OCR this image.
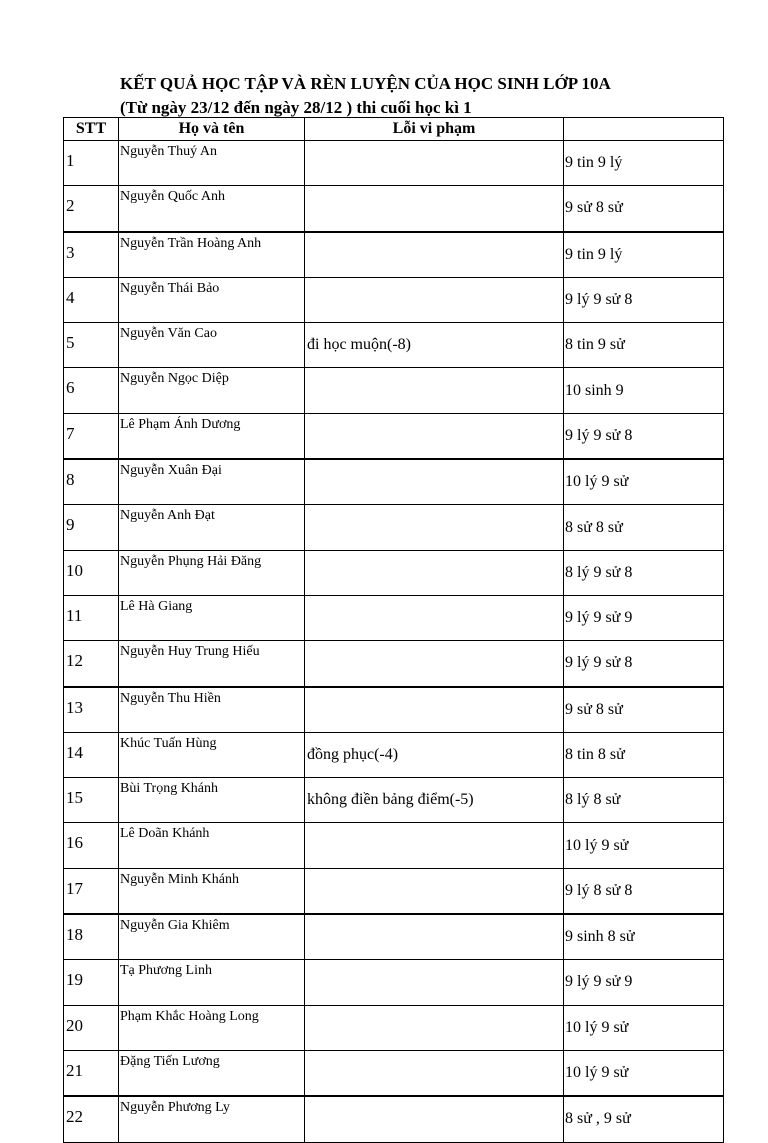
KẾT QUẢ HỌC TẬP VÀ RÈN LUYỆN CỦA HỌC SINH LỚP 10A
(Từ ngày 23/12 đến ngày 28/12 ) thi cuối học kì 1
STT	Họ và tên	Lỗi vi phạm	
1	Nguyễn Thuý An		9 tin 9 lý
2	Nguyễn Quốc Anh		9 sử 8 sử
3	Nguyễn Trần Hoàng Anh		9 tin 9 lý
4	Nguyễn Thái Bảo		9 lý 9 sử 8
5	Nguyễn Văn Cao	đi học muộn(-8)	8 tin 9 sử
6	Nguyễn Ngọc Diệp		10 sinh 9
7	Lê Phạm Ánh Dương		9 lý 9 sử 8
8	Nguyễn Xuân Đại		10 lý 9 sử
9	Nguyễn Anh Đạt		8 sử 8 sử
10	Nguyễn Phụng Hải Đăng		8 lý 9 sử 8
11	Lê Hà Giang		9 lý 9 sử 9
12	Nguyễn Huy Trung Hiếu		9 lý 9 sử 8
13	Nguyễn Thu Hiền		9 sử 8 sử
14	Khúc Tuấn Hùng	đồng phục(-4)	8 tin 8 sử
15	Bùi Trọng Khánh	không điền bảng điểm(-5)	8 lý 8 sử
16	Lê Doãn Khánh		10 lý 9 sử
17	Nguyễn Minh Khánh		9 lý 8 sử 8
18	Nguyễn Gia Khiêm		9 sinh 8 sử
19	Tạ Phương Linh		9 lý 9 sử 9
20	Phạm Khắc Hoàng Long		10 lý 9 sử
21	Đặng Tiến Lương		10 lý 9 sử
22	Nguyễn Phương Ly		8 sử , 9 sử
